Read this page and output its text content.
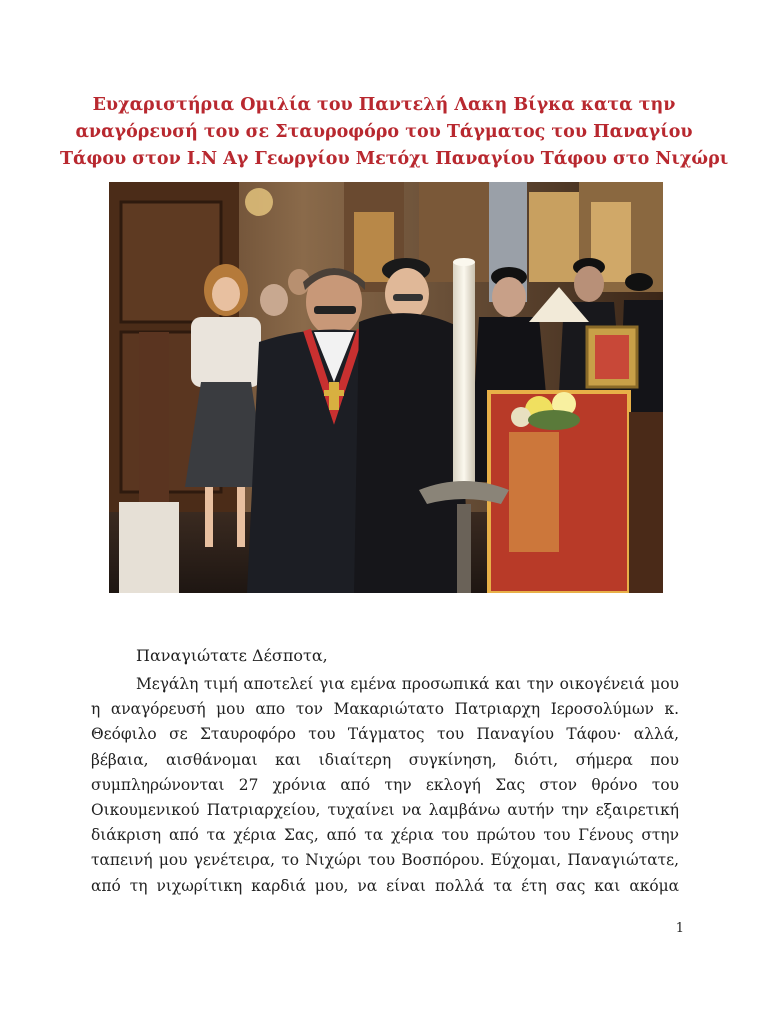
Ευχαριστήρια Ομιλία του Παντελή Λακη Βίγκα κατα την
αναγόρευσή του σε Σταυροφόρο του Τάγματος του Παναγίου
Τάφου στον Ι.Ν Αγ Γεωργίου Μετόχι Παναγίου Τάφου στο Νιχώρι
Παναγιώτατε Δέσποτα,
Μεγάλη τιμή αποτελεί για εμένα προσωπικά και την οικογένειά μου
η αναγόρευσή μου απο τον Μακαριώτατο Πατριαρχη Ιεροσολύμων κ.
Θεόφιλο σε Σταυροφόρο του Τάγματος του Παναγίου Τάφου· αλλά,
βέβαια, αισθάνομαι και ιδιαίτερη συγκίνηση, διότι, σήμερα που
συμπληρώνονται 27 χρόνια από την εκλογή Σας στον θρόνο του
Οικουμενικού Πατριαρχείου, τυχαίνει να λαμβάνω αυτήν την εξαιρετική
διάκριση από τα χέρια Σας, από τα χέρια του πρώτου του Γένους στην
ταπεινή μου γενέτειρα, το Νιχώρι του Βοσπόρου. Εύχομαι, Παναγιώτατε,
από τη νιχωρίτικη καρδιά μου, να είναι πολλά τα έτη σας και ακόμα
1
